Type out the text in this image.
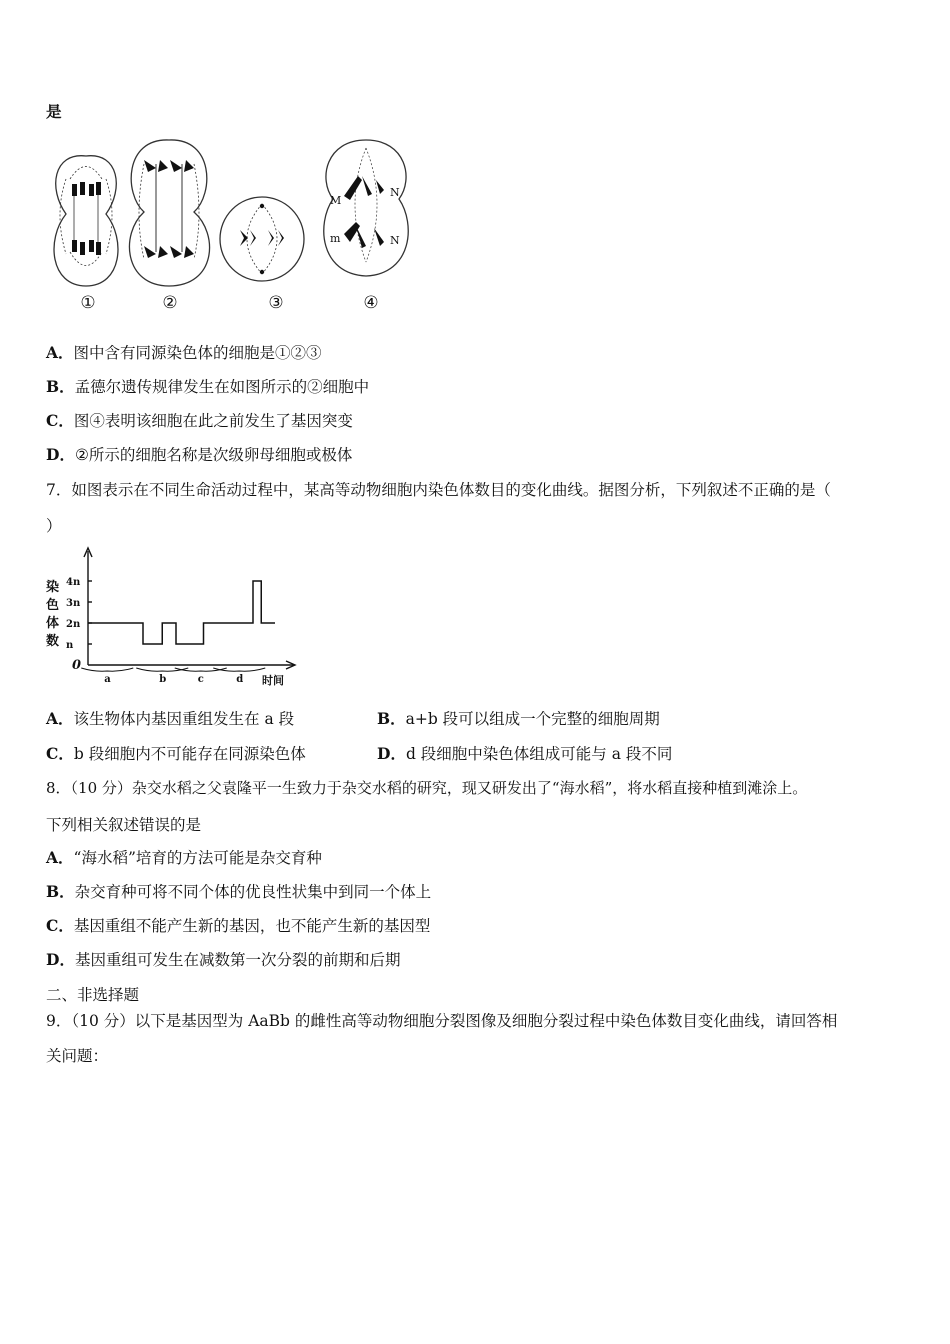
是
M
N
m	N
①	②	③	④
A．图中含有同源染色体的细胞是①②③
B．孟德尔遗传规律发生在如图所示的②细胞中
C．图④表明该细胞在此之前发生了基因突变
D．②所示的细胞名称是次级卵母细胞或极体
7．如图表示在不同生命活动过程中，某高等动物细胞内染色体数目的变化曲线。据图分析，下列叙述不正确的是（
）
染
色
体
数
0
n
2n
3n
4n
a	b	c	d 时间
A．该生物体内基因重组发生在 a 段	B．a+b 段可以组成一个完整的细胞周期
C．b 段细胞内不可能存在同源染色体	D．d 段细胞中染色体组成可能与 a 段不同
8．（10 分）杂交水稻之父袁隆平一生致力于杂交水稻的研究，现又研发出了“海水稻”，将水稻直接种植到滩涂上。
下列相关叙述错误的是
A．“海水稻”培育的方法可能是杂交育种
B．杂交育种可将不同个体的优良性状集中到同一个体上
C．基因重组不能产生新的基因，也不能产生新的基因型
D．基因重组可发生在减数第一次分裂的前期和后期
二、非选择题
9．（10 分）以下是基因型为 AaBb 的雌性高等动物细胞分裂图像及细胞分裂过程中染色体数目变化曲线，请回答相
关问题：
